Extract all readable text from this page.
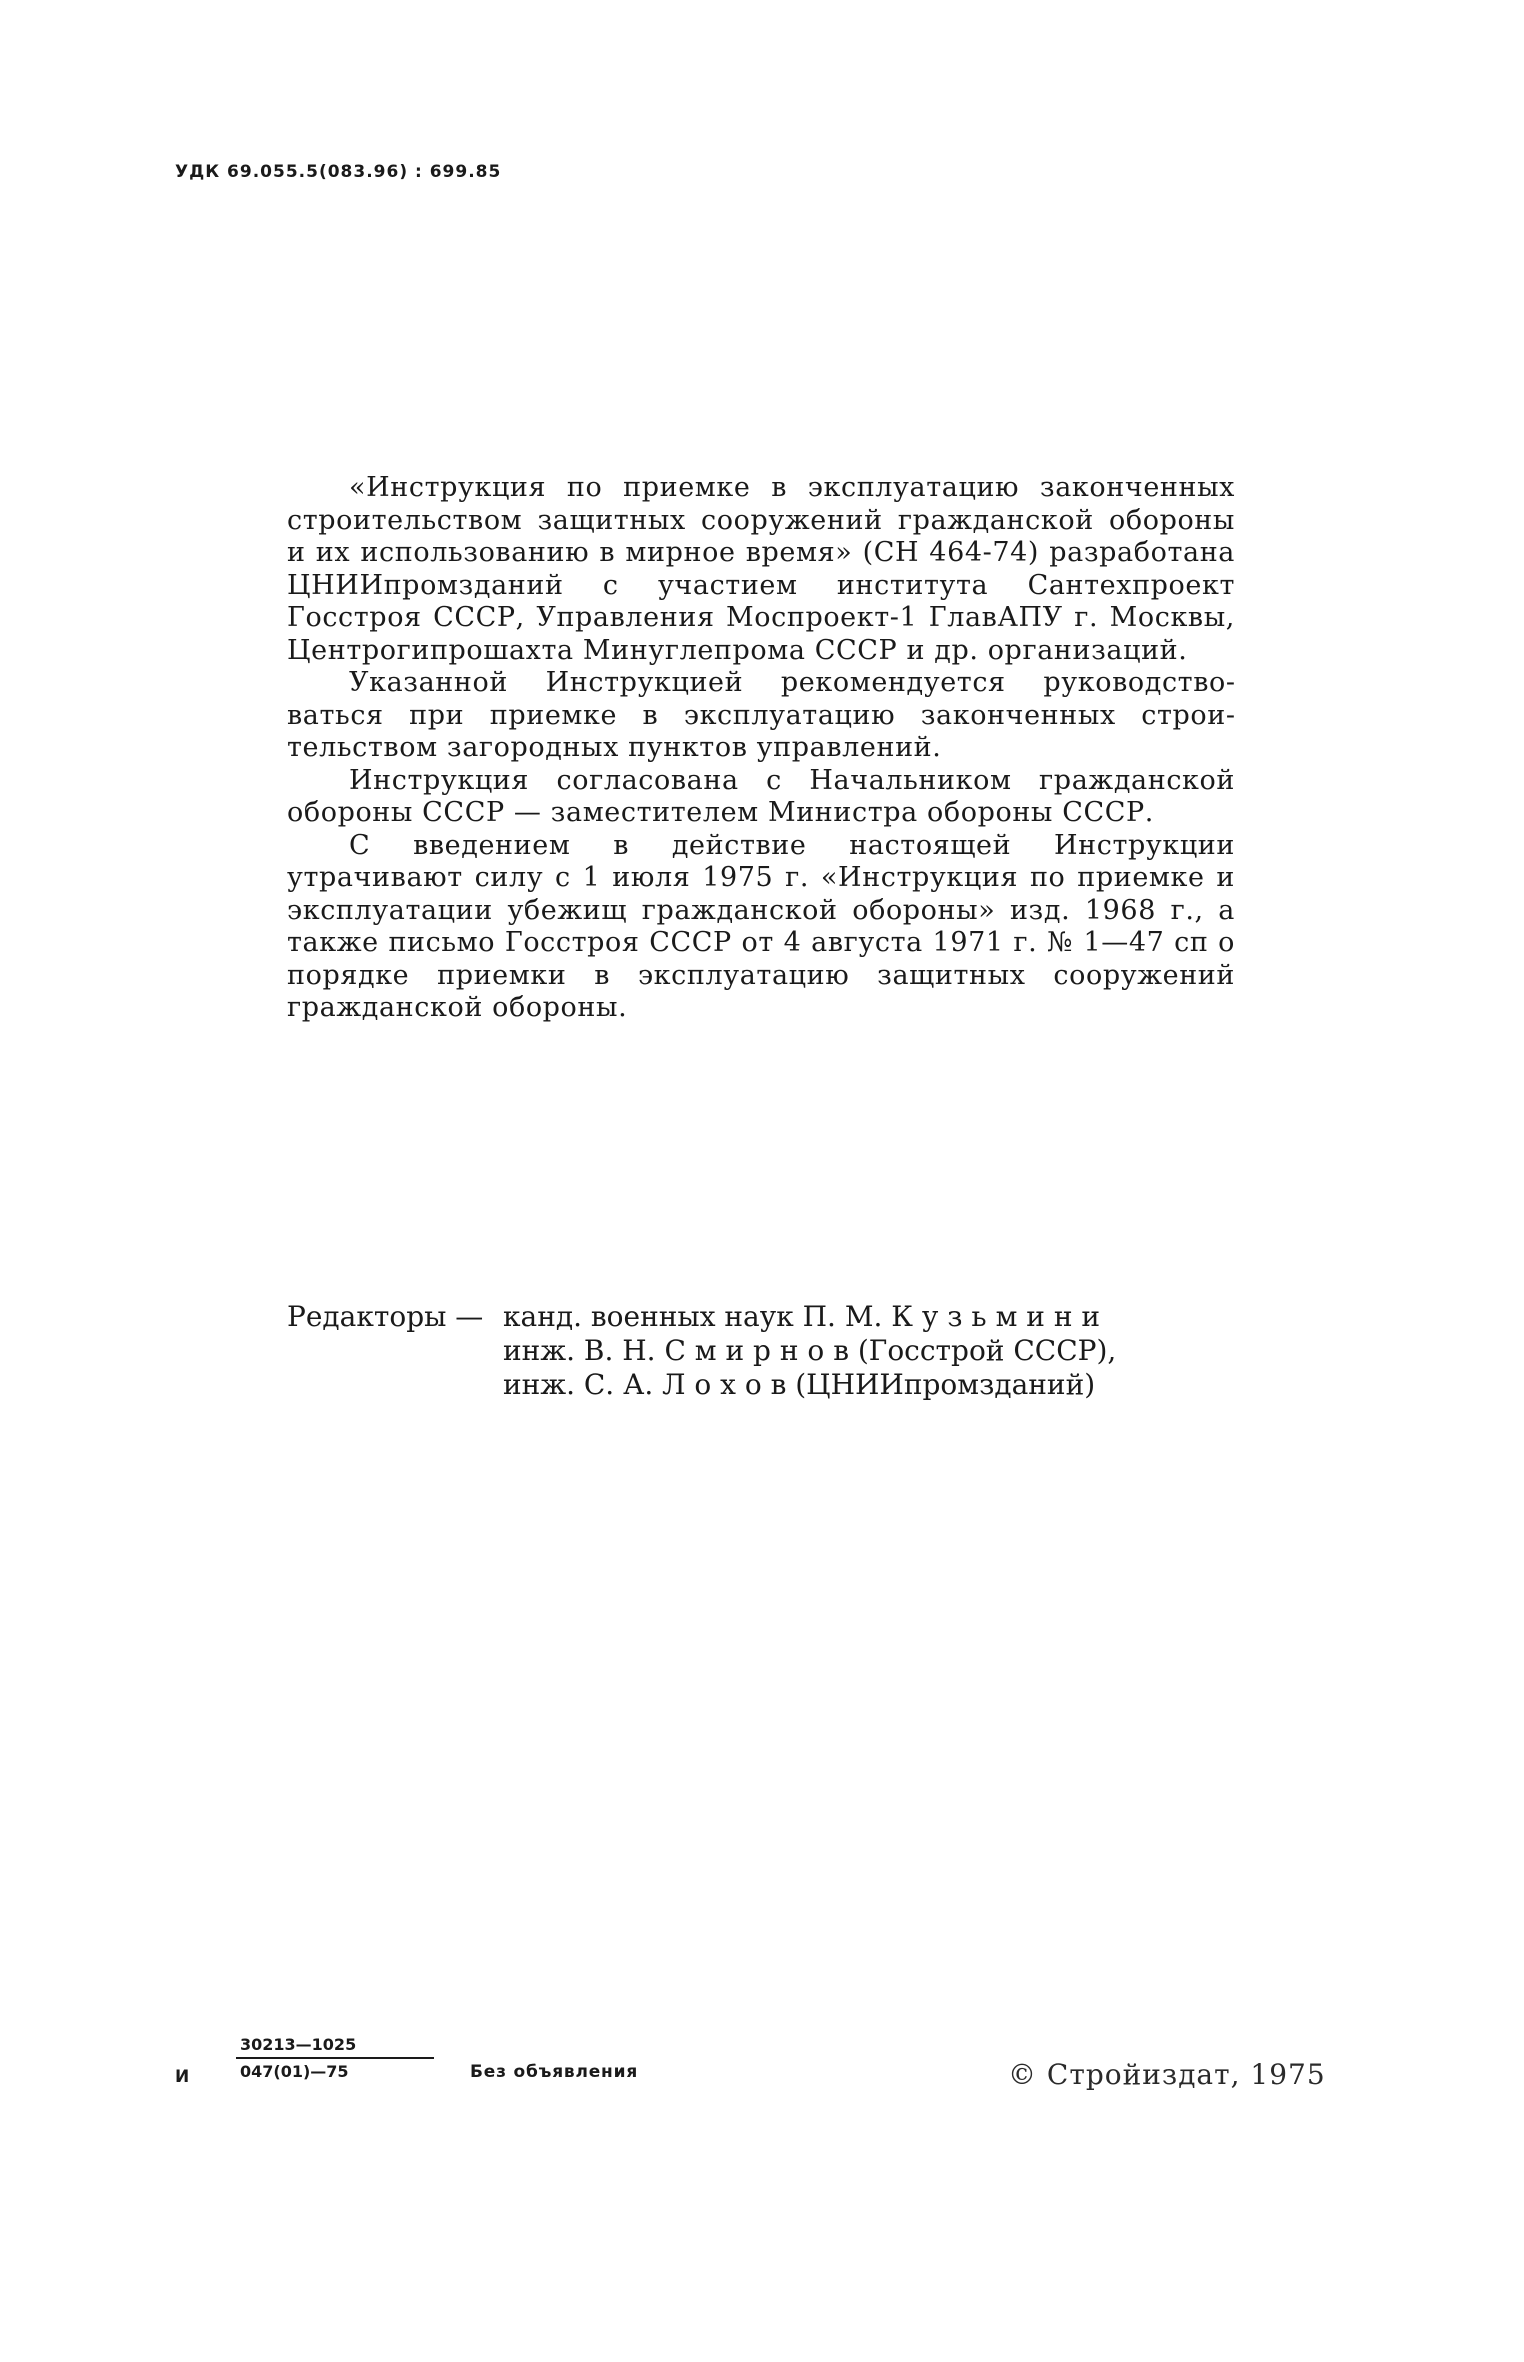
УДК 69.055.5(083.96) : 699.85

«Инструкция по приемке в эксплуатацию законченных строительством защитных сооружений гражданской обороны и их использованию в мирное время» (СН 464-74) разработана ЦНИИпромзданий с участием института Сантехпроект Госстроя СССР, Управления Моспроект-1 ГлавАПУ г. Москвы, Центрогипрошахта Минуглепрома СССР и др. организаций.

Указанной Инструкцией рекомендуется руководствоваться при приемке в эксплуатацию законченных строительством загородных пунктов управлений.

Инструкция согласована с Начальником гражданской обороны СССР — заместителем Министра обороны СССР.

С введением в действие настоящей Инструкции утрачивают силу с 1 июля 1975 г. «Инструкция по приемке и эксплуатации убежищ гражданской обороны» изд. 1968 г., а также письмо Госстроя СССР от 4 августа 1971 г. № 1—47 сп о порядке приемки в эксплуатацию защитных сооружений гражданской обороны.

Редакторы — канд. военных наук П. М. К у з ь м и н и
инж. В. Н. С м и р н о в (Госстрой СССР),
инж. С. А. Л о х о в (ЦНИИпромзданий)
И	$\frac{30213—1025}{047(01)—75}$ Без объявления	© Стройиздат, 1975
